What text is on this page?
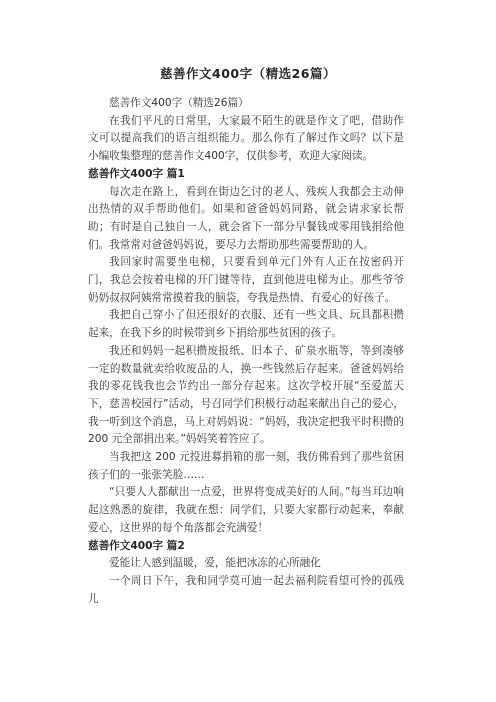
慈善作文400字（精选26篇）

慈善作文400字（精选26篇）

在我们平凡的日常里，大家最不陌生的就是作文了吧，借助作文可以提高我们的语言组织能力。那么你有了解过作文吗？以下是小编收集整理的慈善作文400字，仅供参考，欢迎大家阅读。

慈善作文400字 篇1

每次走在路上，看到在街边乞讨的老人、残疾人我都会主动伸出热情的双手帮助他们。如果和爸爸妈妈同路，就会请求家长帮助；有时是自己独自一人，就会省下一部分早餐钱或零用钱捐给他们。我常常对爸爸妈妈说，要尽力去帮助那些需要帮助的人。

我回家时需要坐电梯，只要看到单元门外有人正在按密码开门，我总会按着电梯的开门键等待，直到他进电梯为止。那些爷爷奶奶叔叔阿姨常常摸着我的脑袋，夸我是热情、有爱心的好孩子。

我把自己穿小了但还很好的衣服、还有一些文具、玩具都积攒起来，在我下乡的时候带到乡下捐给那些贫困的孩子。

我还和妈妈一起积攒废报纸、旧本子、矿泉水瓶等，等到凑够一定的数量就卖给收废品的人，换一些钱然后存起来。爸爸妈妈给我的零花钱我也会节约出一部分存起来。这次学校开展“至爱蓝天下，慈善校园行”活动，号召同学们积极行动起来献出自己的爱心，我一听到这个消息，马上对妈妈说：“妈妈，我决定把我平时积攒的 200 元全部捐出来。”妈妈笑着答应了。

当我把这 200 元投进募捐箱的那一刻，我仿佛看到了那些贫困孩子们的一张张笑脸……

“只要人人都献出一点爱，世界将变成美好的人间。”每当耳边响起这熟悉的旋律，我就在想：同学们，只要大家都行动起来，奉献爱心，这世界的每个角落都会充满爱！

慈善作文400字 篇2

爱能让人感到温暖，爱，能把冰冻的心所融化

一个周日下午，我和同学莫可迪一起去福利院看望可怜的孤残儿
